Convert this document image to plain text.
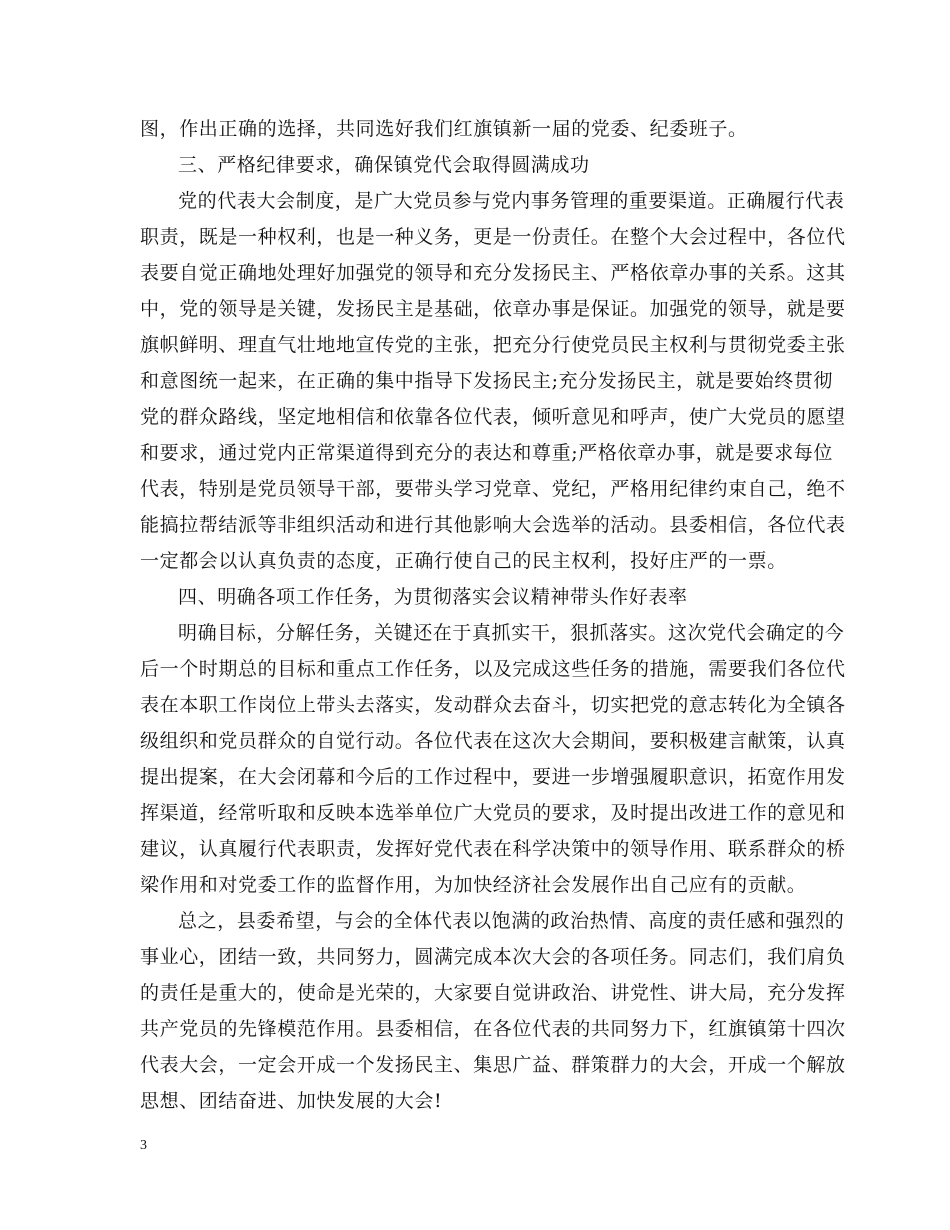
图，作出正确的选择，共同选好我们红旗镇新一届的党委、纪委班子。
三、严格纪律要求，确保镇党代会取得圆满成功
党的代表大会制度，是广大党员参与党内事务管理的重要渠道。正确履行代表
职责，既是一种权利，也是一种义务，更是一份责任。在整个大会过程中，各位代
表要自觉正确地处理好加强党的领导和充分发扬民主、严格依章办事的关系。这其
中，党的领导是关键，发扬民主是基础，依章办事是保证。加强党的领导，就是要
旗帜鲜明、理直气壮地地宣传党的主张，把充分行使党员民主权利与贯彻党委主张
和意图统一起来，在正确的集中指导下发扬民主;充分发扬民主，就是要始终贯彻
党的群众路线，坚定地相信和依靠各位代表，倾听意见和呼声，使广大党员的愿望
和要求，通过党内正常渠道得到充分的表达和尊重;严格依章办事，就是要求每位
代表，特别是党员领导干部，要带头学习党章、党纪，严格用纪律约束自己，绝不
能搞拉帮结派等非组织活动和进行其他影响大会选举的活动。县委相信，各位代表
一定都会以认真负责的态度，正确行使自己的民主权利，投好庄严的一票。
四、明确各项工作任务，为贯彻落实会议精神带头作好表率
明确目标，分解任务，关键还在于真抓实干，狠抓落实。这次党代会确定的今
后一个时期总的目标和重点工作任务，以及完成这些任务的措施，需要我们各位代
表在本职工作岗位上带头去落实，发动群众去奋斗，切实把党的意志转化为全镇各
级组织和党员群众的自觉行动。各位代表在这次大会期间，要积极建言献策，认真
提出提案，在大会闭幕和今后的工作过程中，要进一步增强履职意识，拓宽作用发
挥渠道，经常听取和反映本选举单位广大党员的要求，及时提出改进工作的意见和
建议，认真履行代表职责，发挥好党代表在科学决策中的领导作用、联系群众的桥
梁作用和对党委工作的监督作用，为加快经济社会发展作出自己应有的贡献。
总之，县委希望，与会的全体代表以饱满的政治热情、高度的责任感和强烈的
事业心，团结一致，共同努力，圆满完成本次大会的各项任务。同志们，我们肩负
的责任是重大的，使命是光荣的，大家要自觉讲政治、讲党性、讲大局，充分发挥
共产党员的先锋模范作用。县委相信，在各位代表的共同努力下，红旗镇第十四次
代表大会，一定会开成一个发扬民主、集思广益、群策群力的大会，开成一个解放
思想、团结奋进、加快发展的大会!
3
